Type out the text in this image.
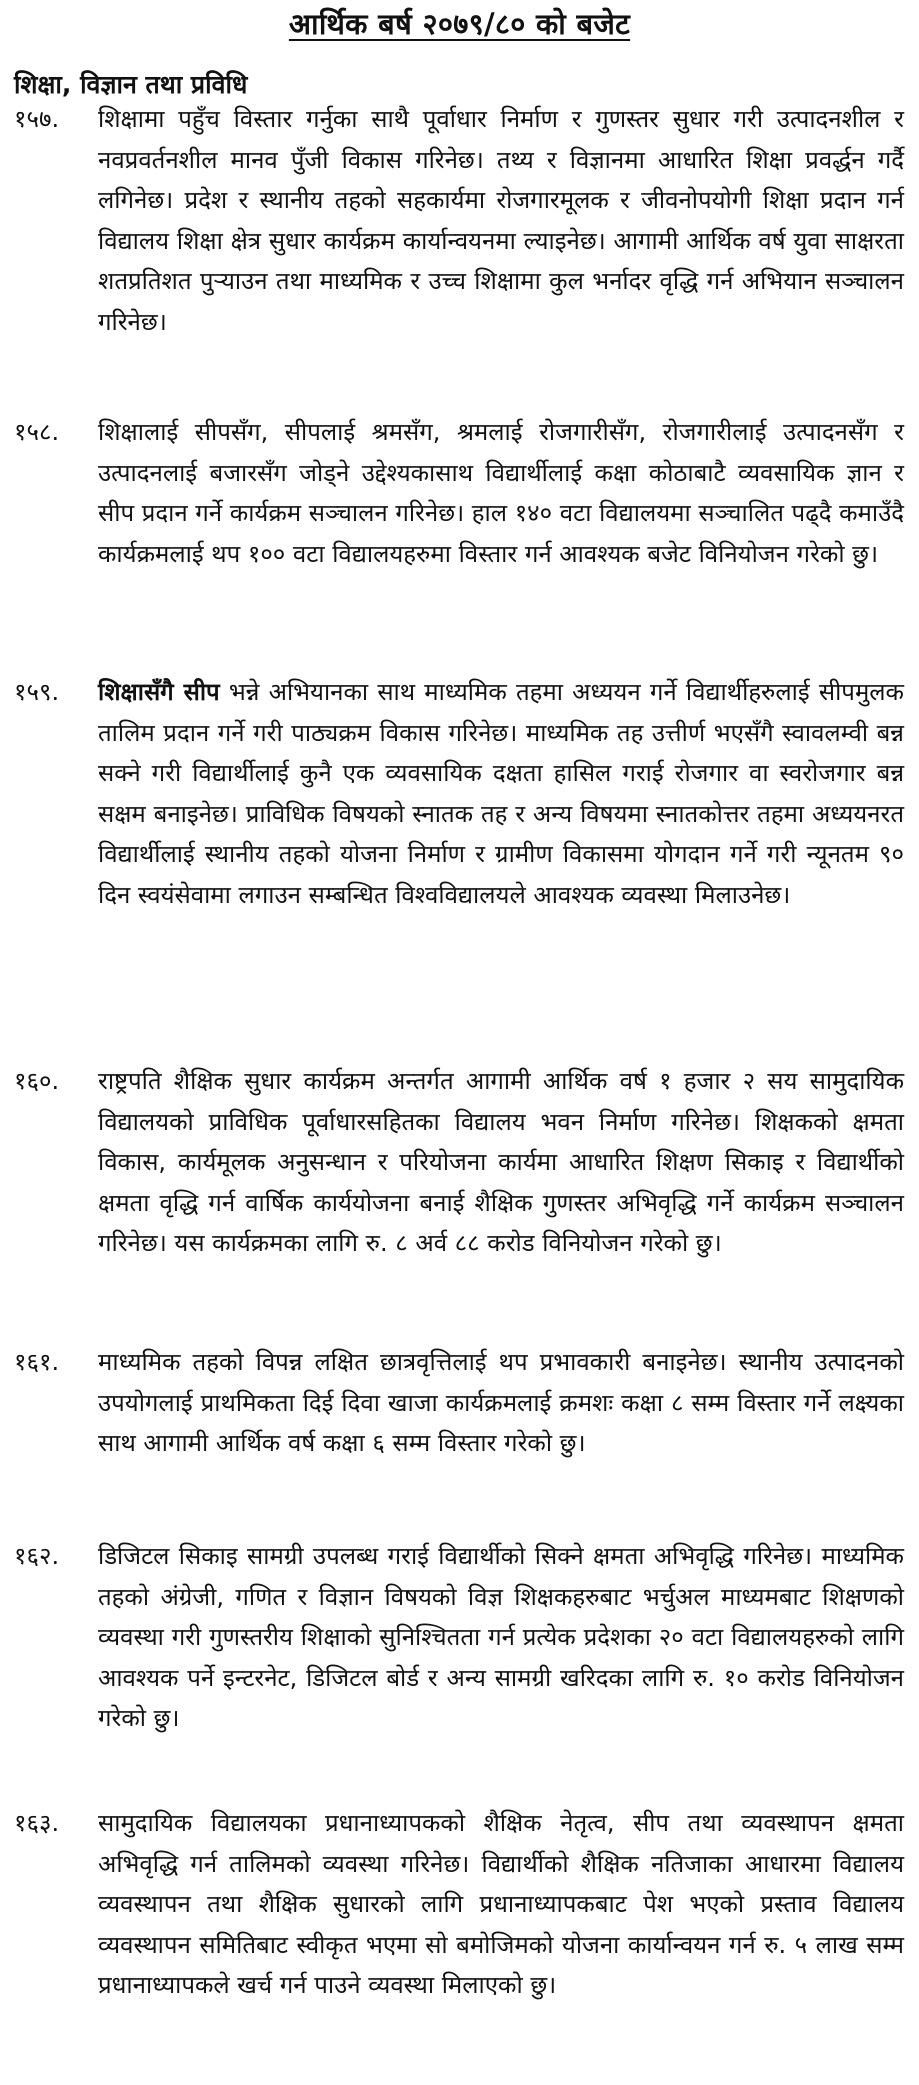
आर्थिक बर्ष २०७९/८० को बजेट
शिक्षा, विज्ञान तथा प्रविधि
१५७.	शिक्षामा पहुँच विस्तार गर्नुका साथै पूर्वाधार निर्माण र गुणस्तर सुधार गरी उत्पादनशील र नवप्रवर्तनशील मानव पुँजी विकास गरिनेछ। तथ्य र विज्ञानमा आधारित शिक्षा प्रवर्द्धन गर्दै लगिनेछ। प्रदेश र स्थानीय तहको सहकार्यमा रोजगारमूलक र जीवनोपयोगी शिक्षा प्रदान गर्न विद्यालय शिक्षा क्षेत्र सुधार कार्यक्रम कार्यान्वयनमा ल्याइनेछ। आगामी आर्थिक वर्ष युवा साक्षरता शतप्रतिशत पुऱ्याउन तथा माध्यमिक र उच्च शिक्षामा कुल भर्नादर वृद्धि गर्न अभियान सञ्चालन गरिनेछ।
१५८.	शिक्षालाई सीपसँग, सीपलाई श्रमसँग, श्रमलाई रोजगारीसँग, रोजगारीलाई उत्पादनसँग र उत्पादनलाई बजारसँग जोड्ने उद्देश्यकासाथ विद्यार्थीलाई कक्षा कोठाबाटै व्यवसायिक ज्ञान र सीप प्रदान गर्ने कार्यक्रम सञ्चालन गरिनेछ। हाल १४० वटा विद्यालयमा सञ्चालित पढ्दै कमाउँदै कार्यक्रमलाई थप १०० वटा विद्यालयहरुमा विस्तार गर्न आवश्यक बजेट विनियोजन गरेको छु।
१५९.	शिक्षासँगै सीप भन्ने अभियानका साथ माध्यमिक तहमा अध्ययन गर्ने विद्यार्थीहरुलाई सीपमुलक तालिम प्रदान गर्ने गरी पाठ्यक्रम विकास गरिनेछ। माध्यमिक तह उत्तीर्ण भएसँगै स्वावलम्वी बन्न सक्ने गरी विद्यार्थीलाई कुनै एक व्यवसायिक दक्षता हासिल गराई रोजगार वा स्वरोजगार बन्न सक्षम बनाइनेछ। प्राविधिक विषयको स्नातक तह र अन्य विषयमा स्नातकोत्तर तहमा अध्ययनरत विद्यार्थीलाई स्थानीय तहको योजना निर्माण र ग्रामीण विकासमा योगदान गर्ने गरी न्यूनतम ९० दिन स्वयंसेवामा लगाउन सम्बन्धित विश्वविद्यालयले आवश्यक व्यवस्था मिलाउनेछ।
१६०.	राष्ट्रपति शैक्षिक सुधार कार्यक्रम अन्तर्गत आगामी आर्थिक वर्ष १ हजार २ सय सामुदायिक विद्यालयको प्राविधिक पूर्वाधारसहितका विद्यालय भवन निर्माण गरिनेछ। शिक्षकको क्षमता विकास, कार्यमूलक अनुसन्धान र परियोजना कार्यमा आधारित शिक्षण सिकाइ र विद्यार्थीको क्षमता वृद्धि गर्न वार्षिक कार्ययोजना बनाई शैक्षिक गुणस्तर अभिवृद्धि गर्ने कार्यक्रम सञ्चालन गरिनेछ। यस कार्यक्रमका लागि रु. ८ अर्व ८८ करोड विनियोजन गरेको छु।
१६१.	माध्यमिक तहको विपन्न लक्षित छात्रवृत्तिलाई थप प्रभावकारी बनाइनेछ। स्थानीय उत्पादनको उपयोगलाई प्राथमिकता दिई दिवा खाजा कार्यक्रमलाई क्रमशः कक्षा ८ सम्म विस्तार गर्ने लक्ष्यका साथ आगामी आर्थिक वर्ष कक्षा ६ सम्म विस्तार गरेको छु।
१६२.	डिजिटल सिकाइ सामग्री उपलब्ध गराई विद्यार्थीको सिक्ने क्षमता अभिवृद्धि गरिनेछ। माध्यमिक तहको अंग्रेजी, गणित र विज्ञान विषयको विज्ञ शिक्षकहरुबाट भर्चुअल माध्यमबाट शिक्षणको व्यवस्था गरी गुणस्तरीय शिक्षाको सुनिश्चितता गर्न प्रत्येक प्रदेशका २० वटा विद्यालयहरुको लागि आवश्यक पर्ने इन्टरनेट, डिजिटल बोर्ड र अन्य सामग्री खरिदका लागि रु. १० करोड विनियोजन गरेको छु।
१६३.	सामुदायिक विद्यालयका प्रधानाध्यापकको शैक्षिक नेतृत्व, सीप तथा व्यवस्थापन क्षमता अभिवृद्धि गर्न तालिमको व्यवस्था गरिनेछ। विद्यार्थीको शैक्षिक नतिजाका आधारमा विद्यालय व्यवस्थापन तथा शैक्षिक सुधारको लागि प्रधानाध्यापकबाट पेश भएको प्रस्ताव विद्यालय व्यवस्थापन समितिबाट स्वीकृत भएमा सो बमोजिमको योजना कार्यान्वयन गर्न रु. ५ लाख सम्म प्रधानाध्यापकले खर्च गर्न पाउने व्यवस्था मिलाएको छु।
